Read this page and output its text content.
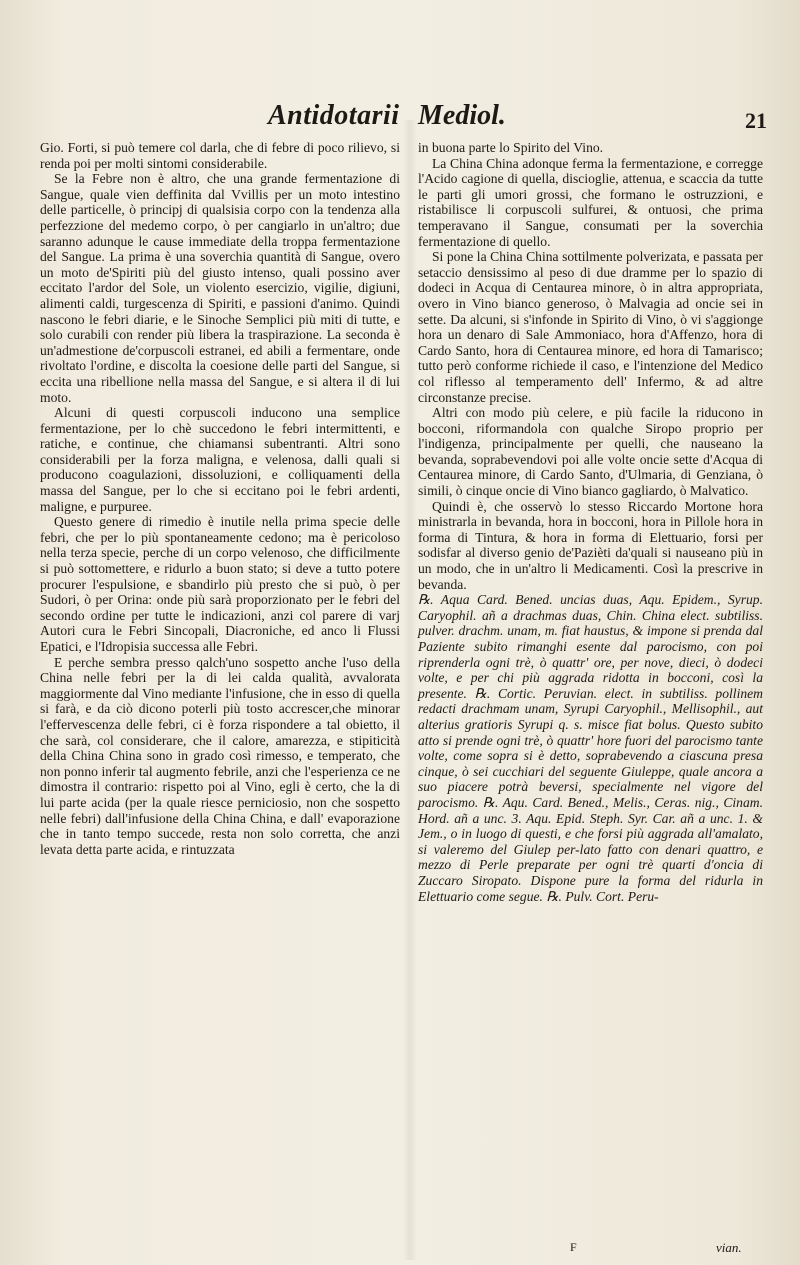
Antidotarii Mediol.	21

Gio. Forti, si può temere col darla, che di febre di poco rilievo, si renda poi per molti sintomi considerabile.

Se la Febre non è altro, che una grande fermentazione di Sangue, quale vien deffinita dal Vvillis per un moto intestino delle particelle, ò principj di qualsisia corpo con la tendenza alla perfezzione del medemo corpo, ò per cangiarlo in un'altro; due saranno adunque le cause immediate della troppa fermentazione del Sangue. La prima è una soverchia quantità di Sangue, overo un moto de'Spiriti più del giusto intenso, quali possino aver eccitato l'ardor del Sole, un violento esercizio, vigilie, digiuni, alimenti caldi, turgescenza di Spiriti, e passioni d'animo. Quindi nascono le febri diarie, e le Sinoche Semplici più miti di tutte, e solo curabili con render più libera la traspirazione. La seconda è un'admestione de'corpuscoli estranei, ed abili a fermentare, onde rivoltato l'ordine, e discolta la coesione delle parti del Sangue, si eccita una ribellione nella massa del Sangue, e si altera il di lui moto.

Alcuni di questi corpuscoli inducono una semplice fermentazione, per lo chè succedono le febri intermittenti, e ratiche, e continue, che chiamansi subentranti. Altri sono considerabili per la forza maligna, e velenosa, dalli quali si producono coagulazioni, dissoluzioni, e colliquamenti della massa del Sangue, per lo che si eccitano poi le febri ardenti, maligne, e purpuree.

Questo genere di rimedio è inutile nella prima specie delle febri, che per lo più spontaneamente cedono; ma è pericoloso nella terza specie, perche di un corpo velenoso, che difficilmente si può sottomettere, e ridurlo a buon stato; si deve a tutto potere procurer l'espulsione, e sbandirlo più presto che si può, ò per Sudori, ò per Orina: onde più sarà proporzionato per le febri del secondo ordine per tutte le indicazioni, anzi col parere di varj Autori cura le Febri Sincopali, Diacroniche, ed anco li Flussi Epatici, e l'Idropisia successa alle Febri.

E perche sembra presso qalch'uno sospetto anche l'uso della China nelle febri per la di lei calda qualità, avvalorata maggiormente dal Vino mediante l'infusione, che in esso di quella si farà, e da ciò dicono poterli più tosto accrescer,che minorar l'effervescenza delle febri, ci è forza rispondere a tal obietto, il che sarà, col considerare, che il calore, amarezza, e stipiticità della China China sono in grado così rimesso, e temperato, che non ponno inferir tal augmento febrile, anzi che l'esperienza ce ne dimostra il contrario: rispetto poi al Vino, egli è certo, che la di lui parte acida (per la quale riesce perniciosio, non che sospetto nelle febri) dall'infusione della China China, e dall' evaporazione che in tanto tempo succede, resta non solo corretta, che anzi levata detta parte acida, e rintuzzata

in buona parte lo Spirito del Vino.

La China China adonque ferma la fermentazione, e corregge l'Acido cagione di quella, discioglie, attenua, e scaccia da tutte le parti gli umori grossi, che formano le ostruzzioni, e ristabilisce li corpuscoli sulfurei, & ontuosi, che prima temperavano il Sangue, consumati per la soverchia fermentazione di quello.

Si pone la China China sottilmente polverizata, e passata per setaccio densissimo al peso di due dramme per lo spazio di dodeci in Acqua di Centaurea minore, ò in altra appropriata, overo in Vino bianco generoso, ò Malvagia ad oncie sei in sette. Da alcuni, si s'infonde in Spirito di Vino, ò vi s'aggionge hora un denaro di Sale Ammoniaco, hora d'Affenzo, hora di Cardo Santo, hora di Centaurea minore, ed hora di Tamarisco; tutto però conforme richiede il caso, e l'intenzione del Medico col riflesso al temperamento dell' Infermo, & ad altre circonstanze precise.

Altri con modo più celere, e più facile la riducono in bocconi, riformandola con qualche Siropo proprio per l'indigenza, principalmente per quelli, che nauseano la bevanda, soprabevendovi poi alle volte oncie sette d'Acqua di Centaurea minore, di Cardo Santo, d'Ulmaria, di Genziana, ò simili, ò cinque oncie di Vino bianco gagliardo, ò Malvatico.

Quindi è, che osservò lo stesso Riccardo Mortone hora ministrarla in bevanda, hora in bocconi, hora in Pillole hora in forma di Tintura, & hora in forma di Elettuario, forsi per sodisfar al diverso genio de'Pazièti da'quali si nauseano più in un modo, che in un'altro li Medicamenti. Così la prescrive in bevanda.

℞. Aqua Card. Bened. uncias duas, Aqu. Epidem., Syrup. Caryophil. añ a drachmas duas, Chin. China elect. subtiliss. pulver. drachm. unam, m. fiat haustus, & impone si prenda dal Paziente subito rimanghi esente dal parocismo, con poi riprenderla ogni trè, ò quattr' ore, per nove, dieci, ò dodeci volte, e per chi più aggrada ridotta in bocconi, così la presente. ℞. Cortic. Peruvian. elect. in subtiliss. pollinem redacti drachmam unam, Syrupi Caryophil., Mellisophil., aut alterius gratioris Syrupi q. s. misce fiat bolus. Questo subito atto si prende ogni trè, ò quattr' hore fuori del parocismo tante volte, come sopra si è detto, soprabevendo a ciascuna presa cinque, ò sei cucchiari del seguente Giuleppe, quale ancora a suo piacere potrà beversi, specialmente nel vigore del parocismo. ℞. Aqu. Card. Bened., Melis., Ceras. nig., Cinam. Hord. añ a unc. 3. Aqu. Epid. Steph. Syr. Car. añ a unc. 1. & Jem., o in luogo di questi, e che forsi più aggrada all'amalato, si valeremo del Giulep per-lato fatto con denari quattro, e mezzo di Perle preparate per ogni trè quarti d'oncia di Zuccaro Siropato. Dispone pure la forma del ridurla in Elettuario come segue. ℞. Pulv. Cort. Peru-

F	vian.
